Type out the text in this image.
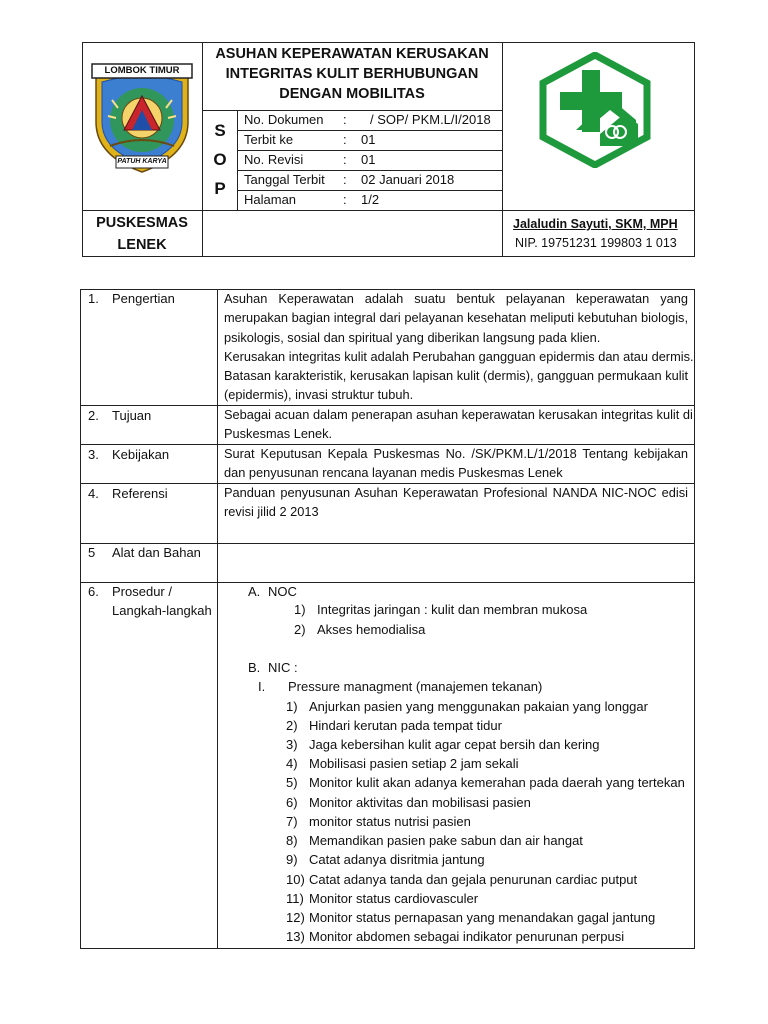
LOMBOK TIMUR
PATUH KARYA
ASUHAN KEPERAWATAN KERUSAKAN
INTEGRITAS KULIT BERHUBUNGAN
DENGAN MOBILITAS
S
O
P
No. Dokumen : / SOP/ PKM.L/I/2018
Terbit ke	: 01
No. Revisi	: 01
Tanggal Terbit : 02 Januari 2018
Halaman	: 1/2
PUSKESMAS
LENEK
Jalaludin Sayuti, SKM, MPH
NIP. 19751231 199803 1 013
1. Pengertian	Asuhan Keperawatan adalah suatu bentuk pelayanan keperawatan yang
merupakan bagian integral dari pelayanan kesehatan meliputi kebutuhan biologis,
psikologis, sosial dan spiritual yang diberikan langsung pada klien.
Kerusakan integritas kulit adalah Perubahan gangguan epidermis dan atau dermis.
Batasan karakteristik, kerusakan lapisan kulit (dermis), gangguan permukaan kulit
(epidermis), invasi struktur tubuh.
2. Tujuan	Sebagai acuan dalam penerapan asuhan keperawatan kerusakan integritas kulit di
Puskesmas Lenek.
3. Kebijakan	Surat Keputusan Kepala Puskesmas No. /SK/PKM.L/1/2018 Tentang kebijakan
dan penyusunan rencana layanan medis Puskesmas Lenek
4. Referensi	Panduan penyusunan Asuhan Keperawatan Profesional NANDA NIC-NOC edisi
revisi jilid 2 2013
5 Alat dan Bahan
6. Prosedur /
Langkah-langkah
A. NOC
1) Integritas jaringan : kulit dan membran mukosa
2) Akses hemodialisa
B. NIC :
I. Pressure managment (manajemen tekanan)
1) Anjurkan pasien yang menggunakan pakaian yang longgar
2) Hindari kerutan pada tempat tidur
3) Jaga kebersihan kulit agar cepat bersih dan kering
4) Mobilisasi pasien setiap 2 jam sekali
5) Monitor kulit akan adanya kemerahan pada daerah yang tertekan
6) Monitor aktivitas dan mobilisasi pasien
7) monitor status nutrisi pasien
8) Memandikan pasien pake sabun dan air hangat
9) Catat adanya disritmia jantung
10) Catat adanya tanda dan gejala penurunan cardiac putput
11) Monitor status cardiovasculer
12) Monitor status pernapasan yang menandakan gagal jantung
13) Monitor abdomen sebagai indikator penurunan perpusi
